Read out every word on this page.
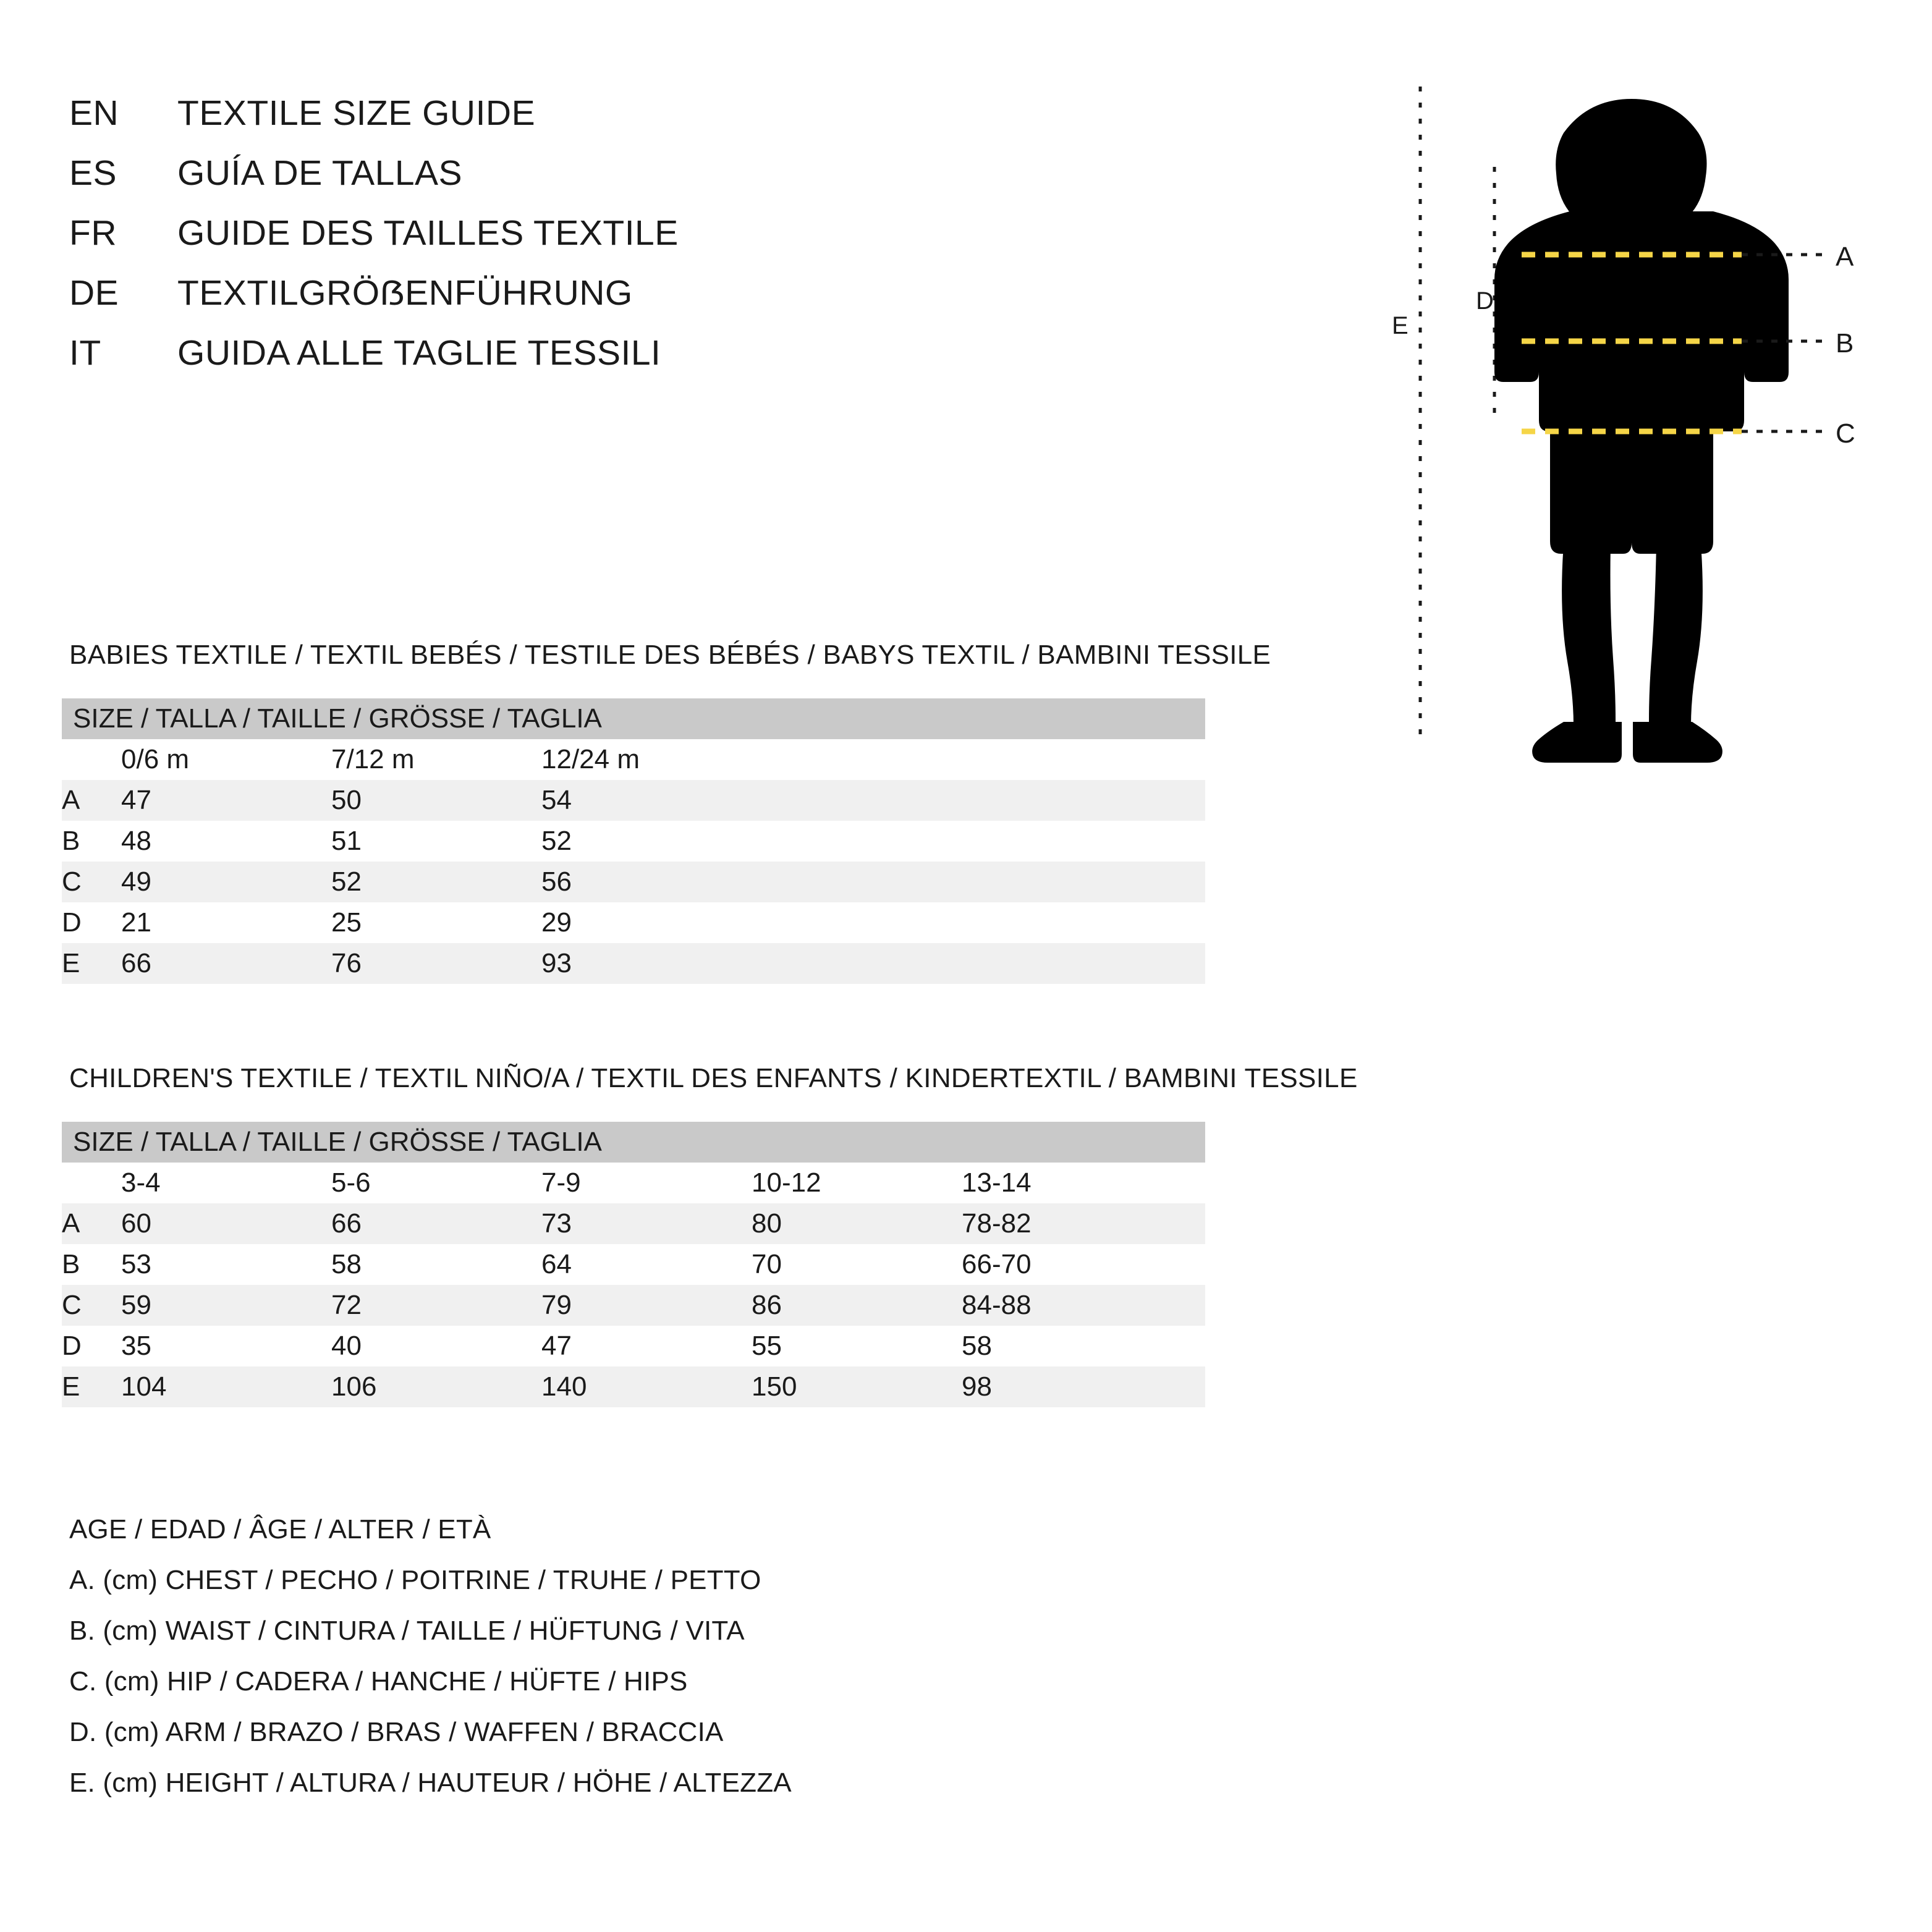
EN	TEXTILE SIZE GUIDE
ES	GUÍA DE TALLAS
FR	GUIDE DES TAILLES TEXTILE
DE	TEXTILGRÖẞENFÜHRUNG
IT	GUIDA ALLE TAGLIE TESSILI
A
B
C
D
E
BABIES TEXTILE / TEXTIL BEBÉS / TESTILE DES BÉBÉS / BABYS TEXTIL / BAMBINI TESSILE
SIZE / TALLA / TAILLE / GRÖSSE / TAGLIA			
	0/6 m	7/12 m	12/24 m
A	47	50	54
B	48	51	52
C	49	52	56
D	21	25	29
E	66	76	93
CHILDREN'S TEXTILE / TEXTIL NIÑO/A / TEXTIL DES ENFANTS / KINDERTEXTIL / BAMBINI TESSILE
SIZE / TALLA / TAILLE / GRÖSSE / TAGLIA					
	3-4	5-6	7-9	10-12	13-14
A	60	66	73	80	78-82
B	53	58	64	70	66-70
C	59	72	79	86	84-88
D	35	40	47	55	58
E	104	106	140	150	98
AGE / EDAD / ÂGE / ALTER / ETÀ
A. (cm) CHEST / PECHO / POITRINE / TRUHE / PETTO
B. (cm) WAIST / CINTURA / TAILLE / HÜFTUNG / VITA
C. (cm) HIP / CADERA / HANCHE / HÜFTE / HIPS
D. (cm) ARM / BRAZO / BRAS / WAFFEN / BRACCIA
E. (cm) HEIGHT / ALTURA / HAUTEUR / HÖHE / ALTEZZA
